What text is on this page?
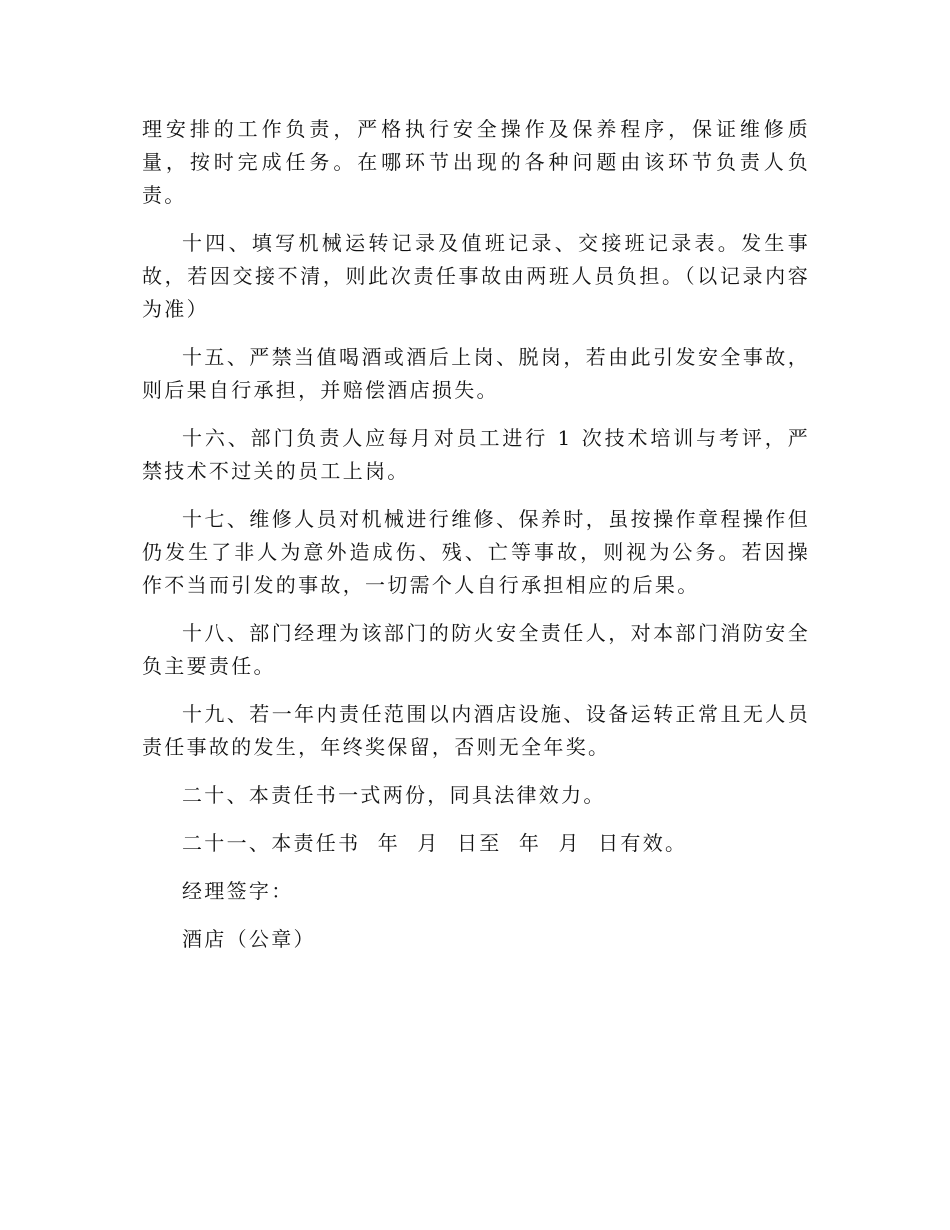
理安排的工作负责，严格执行安全操作及保养程序，保证维修质量，按时完成任务。在哪环节出现的各种问题由该环节负责人负责。

十四、填写机械运转记录及值班记录、交接班记录表。发生事故，若因交接不清，则此次责任事故由两班人员负担。（以记录内容为准）

十五、严禁当值喝酒或酒后上岗、脱岗，若由此引发安全事故，则后果自行承担，并赔偿酒店损失。

十六、部门负责人应每月对员工进行 1 次技术培训与考评，严禁技术不过关的员工上岗。

十七、维修人员对机械进行维修、保养时，虽按操作章程操作但仍发生了非人为意外造成伤、残、亡等事故，则视为公务。若因操作不当而引发的事故，一切需个人自行承担相应的后果。

十八、部门经理为该部门的防火安全责任人，对本部门消防安全负主要责任。

十九、若一年内责任范围以内酒店设施、设备运转正常且无人员责任事故的发生，年终奖保留，否则无全年奖。

二十、本责任书一式两份，同具法律效力。

二十一、本责任书  年  月  日至  年  月  日有效。

经理签字：

酒店（公章）
